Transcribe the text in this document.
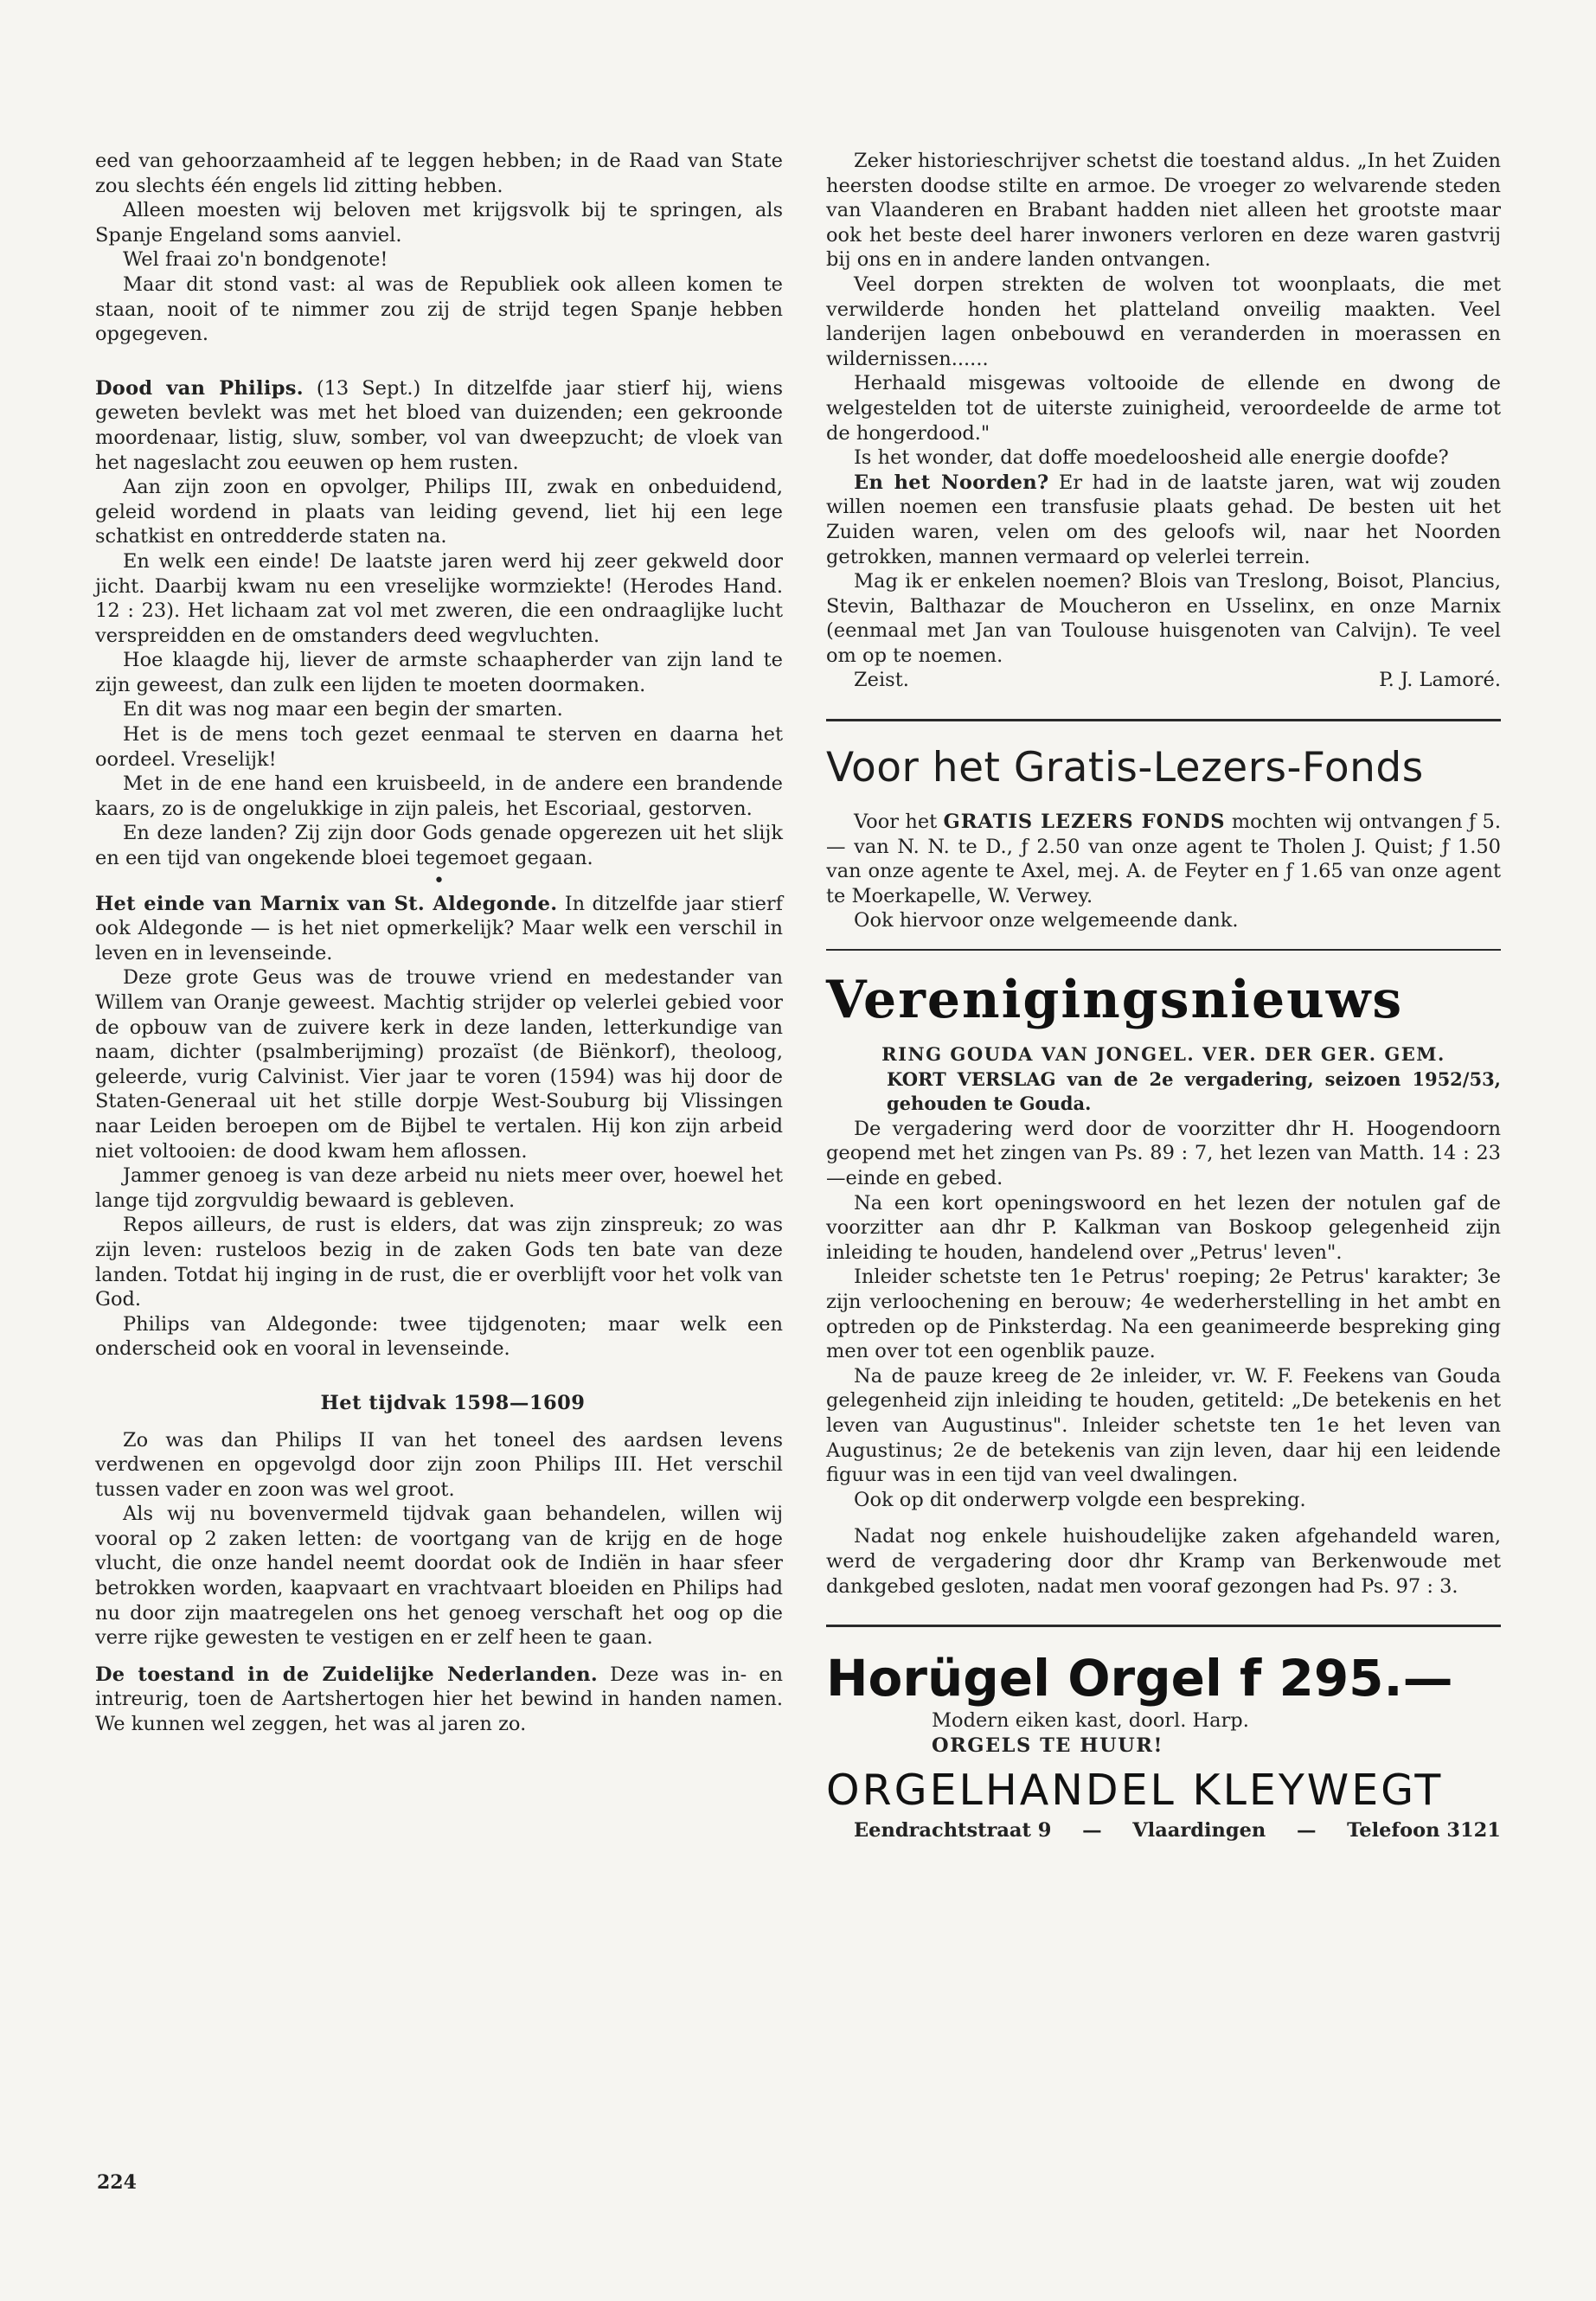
eed van gehoorzaamheid af te leggen hebben; in de Raad van State zou slechts één engels lid zitting hebben.

Alleen moesten wij beloven met krijgsvolk bij te springen, als Spanje Engeland soms aanviel.

Wel fraai zo'n bondgenote!

Maar dit stond vast: al was de Republiek ook alleen komen te staan, nooit of te nimmer zou zij de strijd tegen Spanje hebben opgegeven.

Dood van Philips. (13 Sept.) In ditzelfde jaar stierf hij, wiens geweten bevlekt was met het bloed van duizenden; een gekroonde moordenaar, listig, sluw, somber, vol van dweepzucht; de vloek van het nageslacht zou eeuwen op hem rusten.

Aan zijn zoon en opvolger, Philips III, zwak en onbeduidend, geleid wordend in plaats van leiding gevend, liet hij een lege schatkist en ontredderde staten na.

En welk een einde! De laatste jaren werd hij zeer gekweld door jicht. Daarbij kwam nu een vreselijke wormziekte! (Herodes Hand. 12 : 23). Het lichaam zat vol met zweren, die een ondraaglijke lucht verspreidden en de omstanders deed wegvluchten.

Hoe klaagde hij, liever de armste schaapherder van zijn land te zijn geweest, dan zulk een lijden te moeten doormaken.

En dit was nog maar een begin der smarten.

Het is de mens toch gezet eenmaal te sterven en daarna het oordeel. Vreselijk!

Met in de ene hand een kruisbeeld, in de andere een brandende kaars, zo is de ongelukkige in zijn paleis, het Escoriaal, gestorven.

En deze landen? Zij zijn door Gods genade opgerezen uit het slijk en een tijd van ongekende bloei tegemoet gegaan.

•

Het einde van Marnix van St. Aldegonde. In ditzelfde jaar stierf ook Aldegonde — is het niet opmerkelijk? Maar welk een verschil in leven en in levenseinde.

Deze grote Geus was de trouwe vriend en medestander van Willem van Oranje geweest. Machtig strijder op velerlei gebied voor de opbouw van de zuivere kerk in deze landen, letterkundige van naam, dichter (psalmberijming) prozaïst (de Biënkorf), theoloog, geleerde, vurig Calvinist. Vier jaar te voren (1594) was hij door de Staten-Generaal uit het stille dorpje West-Souburg bij Vlissingen naar Leiden beroepen om de Bijbel te vertalen. Hij kon zijn arbeid niet voltooien: de dood kwam hem aflossen.

Jammer genoeg is van deze arbeid nu niets meer over, hoewel het lange tijd zorgvuldig bewaard is gebleven.

Repos ailleurs, de rust is elders, dat was zijn zinspreuk; zo was zijn leven: rusteloos bezig in de zaken Gods ten bate van deze landen. Totdat hij inging in de rust, die er overblijft voor het volk van God.

Philips van Aldegonde: twee tijdgenoten; maar welk een onderscheid ook en vooral in levenseinde.

Het tijdvak 1598—1609

Zo was dan Philips II van het toneel des aardsen levens verdwenen en opgevolgd door zijn zoon Philips III. Het verschil tussen vader en zoon was wel groot.

Als wij nu bovenvermeld tijdvak gaan behandelen, willen wij vooral op 2 zaken letten: de voortgang van de krijg en de hoge vlucht, die onze handel neemt doordat ook de Indiën in haar sfeer betrokken worden, kaapvaart en vrachtvaart bloeiden en Philips had nu door zijn maatregelen ons het genoeg verschaft het oog op die verre rijke gewesten te vestigen en er zelf heen te gaan.

De toestand in de Zuidelijke Nederlanden. Deze was in- en intreurig, toen de Aartshertogen hier het bewind in handen namen. We kunnen wel zeggen, het was al jaren zo.

Zeker historieschrijver schetst die toestand aldus. „In het Zuiden heersten doodse stilte en armoe. De vroeger zo welvarende steden van Vlaanderen en Brabant hadden niet alleen het grootste maar ook het beste deel harer inwoners verloren en deze waren gastvrij bij ons en in andere landen ontvangen.

Veel dorpen strekten de wolven tot woonplaats, die met verwilderde honden het platteland onveilig maakten. Veel landerijen lagen onbebouwd en veranderden in moerassen en wildernissen......

Herhaald misgewas voltooide de ellende en dwong de welgestelden tot de uiterste zuinigheid, veroordeelde de arme tot de hongerdood."

Is het wonder, dat doffe moedeloosheid alle energie doofde?

En het Noorden? Er had in de laatste jaren, wat wij zouden willen noemen een transfusie plaats gehad. De besten uit het Zuiden waren, velen om des geloofs wil, naar het Noorden getrokken, mannen vermaard op velerlei terrein.

Mag ik er enkelen noemen? Blois van Treslong, Boisot, Plancius, Stevin, Balthazar de Moucheron en Usselinx, en onze Marnix (eenmaal met Jan van Toulouse huisgenoten van Calvijn). Te veel om op te noemen.

Zeist.	P. J. Lamoré.

Voor het Gratis-Lezers-Fonds

Voor het GRATIS LEZERS FONDS mochten wij ontvangen ƒ 5.— van N. N. te D., ƒ 2.50 van onze agent te Tholen J. Quist; ƒ 1.50 van onze agente te Axel, mej. A. de Feyter en ƒ 1.65 van onze agent te Moerkapelle, W. Verwey.

Ook hiervoor onze welgemeende dank.

Verenigingsnieuws

RING GOUDA VAN JONGEL. VER. DER GER. GEM.

KORT VERSLAG van de 2e vergadering, seizoen 1952/53, gehouden te Gouda.

De vergadering werd door de voorzitter dhr H. Hoogendoorn geopend met het zingen van Ps. 89 : 7, het lezen van Matth. 14 : 23—einde en gebed.

Na een kort openingswoord en het lezen der notulen gaf de voorzitter aan dhr P. Kalkman van Boskoop gelegenheid zijn inleiding te houden, handelend over „Petrus' leven".

Inleider schetste ten 1e Petrus' roeping; 2e Petrus' karakter; 3e zijn verloochening en berouw; 4e wederherstelling in het ambt en optreden op de Pinksterdag. Na een geanimeerde bespreking ging men over tot een ogenblik pauze.

Na de pauze kreeg de 2e inleider, vr. W. F. Feekens van Gouda gelegenheid zijn inleiding te houden, getiteld: „De betekenis en het leven van Augustinus". Inleider schetste ten 1e het leven van Augustinus; 2e de betekenis van zijn leven, daar hij een leidende figuur was in een tijd van veel dwalingen.

Ook op dit onderwerp volgde een bespreking.

Nadat nog enkele huishoudelijke zaken afgehandeld waren, werd de vergadering door dhr Kramp van Berkenwoude met dankgebed gesloten, nadat men vooraf gezongen had Ps. 97 : 3.

Horügel Orgel f 295.—

Modern eiken kast, doorl. Harp.

ORGELS TE HUUR!

ORGELHANDEL KLEYWEGT

Eendrachtstraat 9	—	Vlaardingen	—	Telefoon 3121

224
